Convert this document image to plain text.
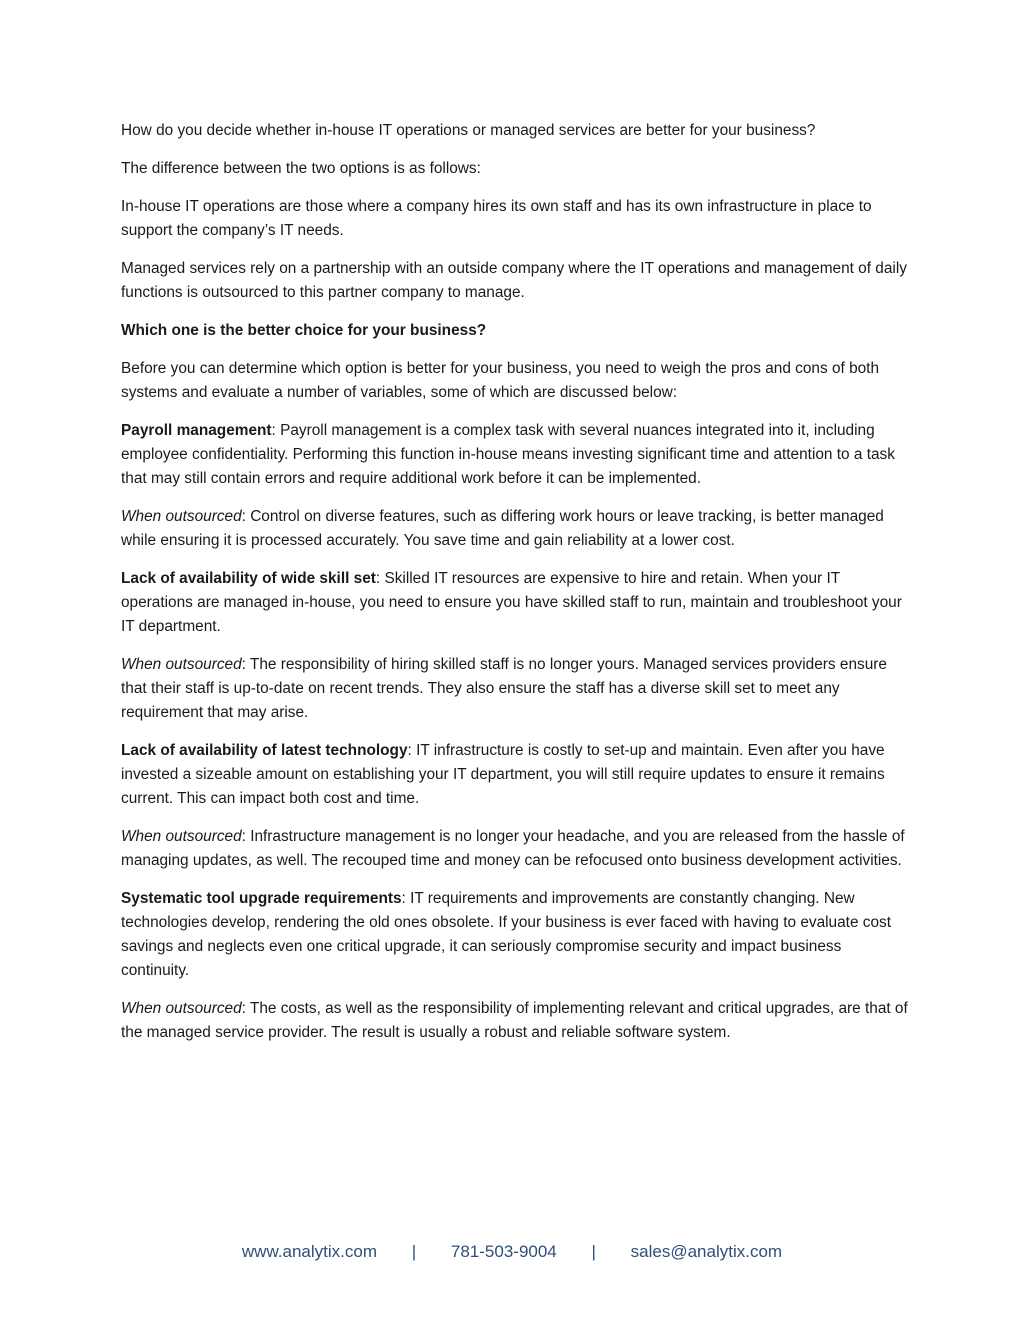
How do you decide whether in-house IT operations or managed services are better for your business?

The difference between the two options is as follows:

In-house IT operations are those where a company hires its own staff and has its own infrastructure in place to support the company’s IT needs.

Managed services rely on a partnership with an outside company where the IT operations and management of daily functions is outsourced to this partner company to manage.

Which one is the better choice for your business?

Before you can determine which option is better for your business, you need to weigh the pros and cons of both systems and evaluate a number of variables, some of which are discussed below:

Payroll management: Payroll management is a complex task with several nuances integrated into it, including employee confidentiality. Performing this function in-house means investing significant time and attention to a task that may still contain errors and require additional work before it can be implemented.

When outsourced: Control on diverse features, such as differing work hours or leave tracking, is better managed while ensuring it is processed accurately. You save time and gain reliability at a lower cost.

Lack of availability of wide skill set: Skilled IT resources are expensive to hire and retain. When your IT operations are managed in-house, you need to ensure you have skilled staff to run, maintain and troubleshoot your IT department.

When outsourced: The responsibility of hiring skilled staff is no longer yours. Managed services providers ensure that their staff is up-to-date on recent trends. They also ensure the staff has a diverse skill set to meet any requirement that may arise.

Lack of availability of latest technology: IT infrastructure is costly to set-up and maintain. Even after you have invested a sizeable amount on establishing your IT department, you will still require updates to ensure it remains current. This can impact both cost and time.

When outsourced: Infrastructure management is no longer your headache, and you are released from the hassle of managing updates, as well. The recouped time and money can be refocused onto business development activities.

Systematic tool upgrade requirements: IT requirements and improvements are constantly changing. New technologies develop, rendering the old ones obsolete. If your business is ever faced with having to evaluate cost savings and neglects even one critical upgrade, it can seriously compromise security and impact business continuity.

When outsourced: The costs, as well as the responsibility of implementing relevant and critical upgrades, are that of the managed service provider. The result is usually a robust and reliable software system.

www.analytix.com | 781-503-9004 | sales@analytix.com
